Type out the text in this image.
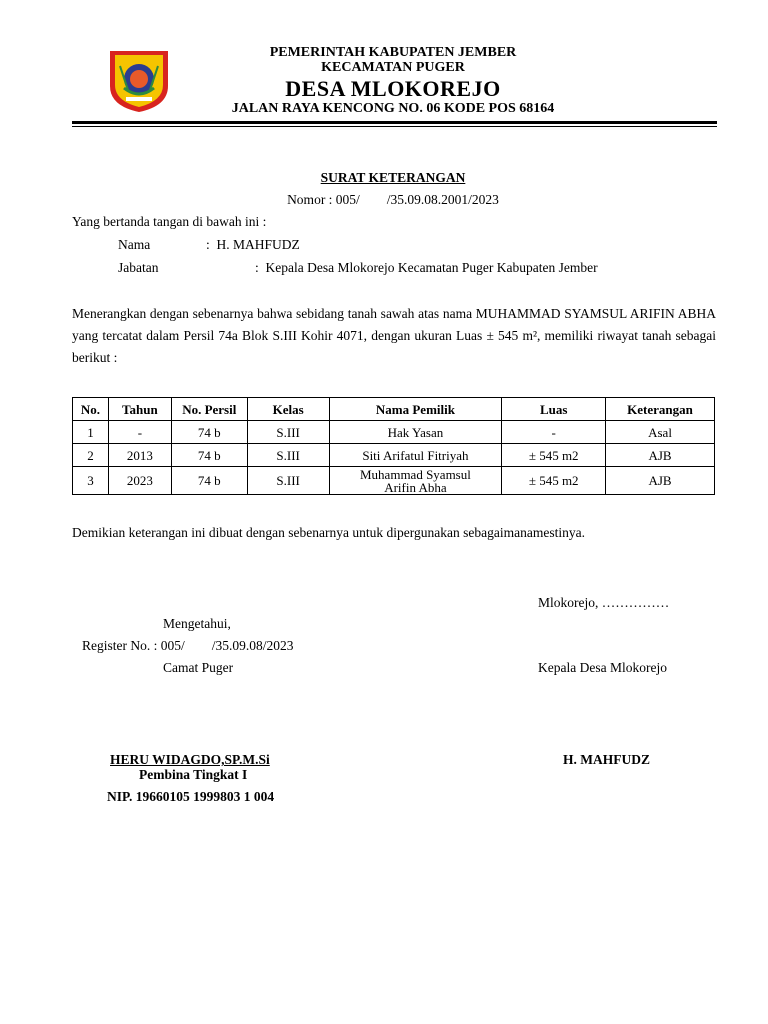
PEMERINTAH KABUPATEN JEMBER
KECAMATAN PUGER
DESA MLOKOREJO
JALAN RAYA KENCONG NO. 06 KODE POS 68164
SURAT KETERANGAN
Nomor : 005/        /35.09.08.2001/2023
Yang bertanda tangan di bawah ini :
Nama	:  H. MAHFUDZ
Jabatan	:  Kepala Desa Mlokorejo Kecamatan Puger Kabupaten Jember
Menerangkan dengan sebenarnya bahwa sebidang tanah sawah atas nama MUHAMMAD SYAMSUL ARIFIN ABHA yang tercatat dalam Persil 74a Blok S.III Kohir 4071, dengan ukuran Luas ± 545 m², memiliki riwayat tanah sebagai berikut :
No.	Tahun	No. Persil	Kelas	Nama Pemilik	Luas	Keterangan
1	-	74 b	S.III	Hak Yasan	-	Asal
2	2013	74 b	S.III	Siti Arifatul Fitriyah	± 545 m2	AJB
3	2023	74 b	S.III	Muhammad Syamsul Arifin Abha	± 545 m2	AJB
Demikian keterangan ini dibuat dengan sebenarnya untuk dipergunakan sebagaimanamestinya.
Mlokorejo, ……………
Mengetahui,
Register No. : 005/        /35.09.08/2023
Camat Puger	Kepala Desa Mlokorejo
HERU WIDAGDO,SP.M.Si
Pembina Tingkat I
NIP. 19660105 1999803 1 004
H. MAHFUDZ
